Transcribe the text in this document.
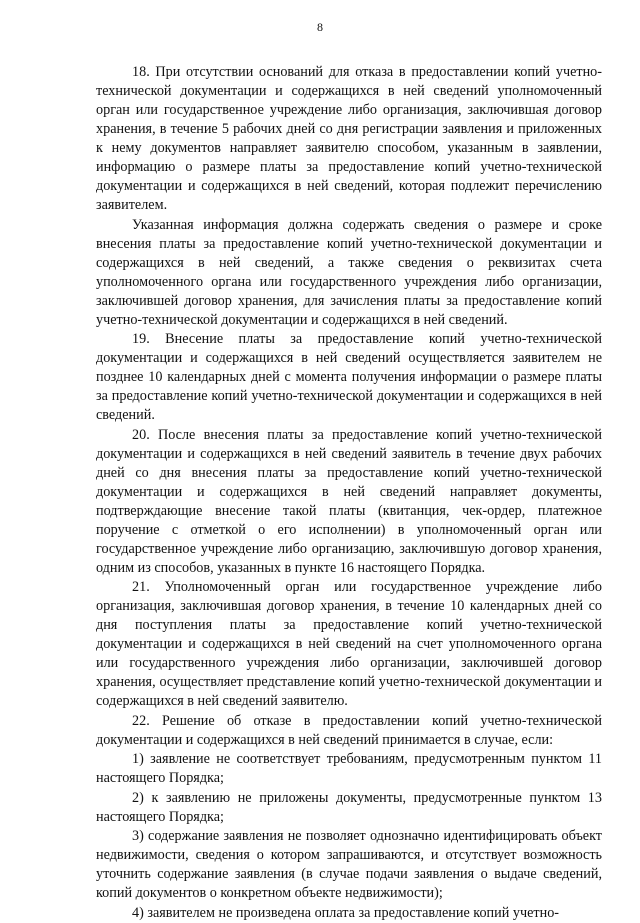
8

18. При отсутствии оснований для отказа в предоставлении копий учетно-технической документации и содержащихся в ней сведений уполномоченный орган или государственное учреждение либо организация, заключившая договор хранения, в течение 5 рабочих дней со дня регистрации заявления и приложенных к нему документов направляет заявителю способом, указанным в заявлении, информацию о размере платы за предоставление копий учетно-технической документации и содержащихся в ней сведений, которая подлежит перечислению заявителем.

Указанная информация должна содержать сведения о размере и сроке внесения платы за предоставление копий учетно-технической документации и содержащихся в ней сведений, а также сведения о реквизитах счета уполномоченного органа или государственного учреждения либо организации, заключившей договор хранения, для зачисления платы за предоставление копий учетно-технической документации и содержащихся в ней сведений.

19. Внесение платы за предоставление копий учетно-технической документации и содержащихся в ней сведений осуществляется заявителем не позднее 10 календарных дней с момента получения информации о размере платы за предоставление копий учетно-технической документации и содержащихся в ней сведений.

20. После внесения платы за предоставление копий учетно-технической документации и содержащихся в ней сведений заявитель в течение двух рабочих дней со дня внесения платы за предоставление копий учетно-технической документации и содержащихся в ней сведений направляет документы, подтверждающие внесение такой платы (квитанция, чек-ордер, платежное поручение с отметкой о его исполнении) в уполномоченный орган или государственное учреждение либо организацию, заключившую договор хранения, одним из способов, указанных в пункте 16 настоящего Порядка.

21. Уполномоченный орган или государственное учреждение либо организация, заключившая договор хранения, в течение 10 календарных дней со дня поступления платы за предоставление копий учетно-технической документации и содержащихся в ней сведений на счет уполномоченного органа или государственного учреждения либо организации, заключившей договор хранения, осуществляет представление копий учетно-технической документации и содержащихся в ней сведений заявителю.

22. Решение об отказе в предоставлении копий учетно-технической документации и содержащихся в ней сведений принимается в случае, если:

1) заявление не соответствует требованиям, предусмотренным пунктом 11 настоящего Порядка;

2) к заявлению не приложены документы, предусмотренные пунктом 13 настоящего Порядка;

3) содержание заявления не позволяет однозначно идентифицировать объект недвижимости, сведения о котором запрашиваются, и отсутствует возможность уточнить содержание заявления (в случае подачи заявления о выдаче сведений, копий документов о конкретном объекте недвижимости);

4) заявителем не произведена оплата за предоставление копий учетно-
